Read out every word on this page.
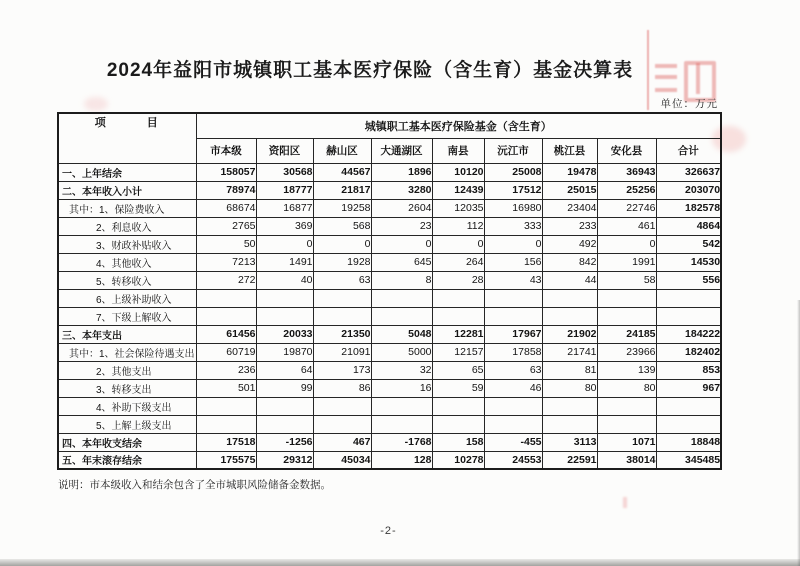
2024年益阳市城镇职工基本医疗保险（含生育）基金决算表
单位：万元
项　　　目	城镇职工基本医疗保险基金（含生育）								
	市本级	资阳区	赫山区	大通湖区	南县	沅江市	桃江县	安化县	合计
一、上年结余	158057	30568	44567	1896	10120	25008	19478	36943	326637
二、本年收入小计	78974	18777	21817	3280	12439	17512	25015	25256	203070
其中：1、保险费收入	68674	16877	19258	2604	12035	16980	23404	22746	182578
2、利息收入	2765	369	568	23	112	333	233	461	4864
3、财政补贴收入	50	0	0	0	0	0	492	0	542
4、其他收入	7213	1491	1928	645	264	156	842	1991	14530
5、转移收入	272	40	63	8	28	43	44	58	556
6、上级补助收入									
7、下级上解收入									
三、本年支出	61456	20033	21350	5048	12281	17967	21902	24185	184222
其中：1、社会保险待遇支出	60719	19870	21091	5000	12157	17858	21741	23966	182402
2、其他支出	236	64	173	32	65	63	81	139	853
3、转移支出	501	99	86	16	59	46	80	80	967
4、补助下级支出									
5、上解上级支出									
四、本年收支结余	17518	-1256	467	-1768	158	-455	3113	1071	18848
五、年末滚存结余	175575	29312	45034	128	10278	24553	22591	38014	345485
说明：市本级收入和结余包含了全市城职风险储备金数据。
-2-
